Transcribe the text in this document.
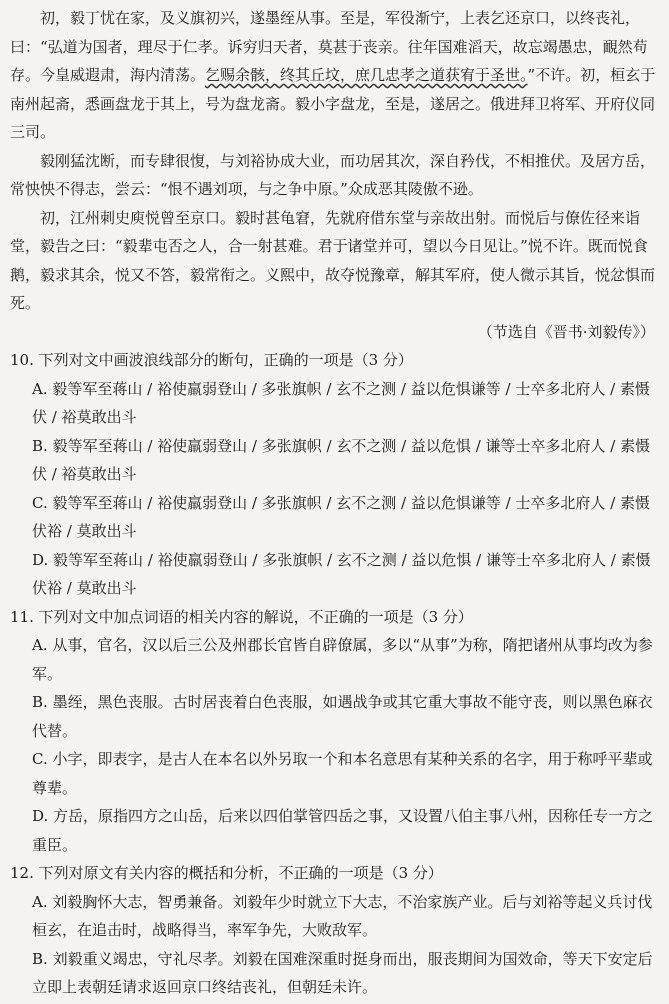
初，毅丁忧在家，及义旗初兴，遂墨绖从事。至是，军役渐宁，上表乞还京口，以终丧礼，曰：“弘道为国者，理尽于仁孝。诉穷归天者，莫甚于丧亲。往年国难滔天，故忘竭愚忠，靦然苟存。今皇威遐肃，海内清荡。乞赐余骸，终其丘坟，庶几忠孝之道获宥于圣世。”不许。初，桓玄于南州起斋，悉画盘龙于其上，号为盘龙斋。毅小字盘龙，至是，遂居之。俄进拜卫将军、开府仪同三司。

毅刚猛沈断，而专肆很愎，与刘裕协成大业，而功居其次，深自矜伐，不相推伏。及居方岳，常怏怏不得志，尝云：“恨不遇刘项，与之争中原。”众成恶其陵傲不逊。

初，江州刺史庾悦曾至京口。毅时甚龟窘，先就府借东堂与亲故出射。而悦后与僚佐径来诣堂，毅告之曰：“毅辈屯否之人，合一射甚难。君于诸堂并可，望以今日见让。”悦不许。既而悦食鹅，毅求其余，悦又不答，毅常衔之。义熙中，故夺悦豫章，解其军府，使人微示其旨，悦忿惧而死。

（节选自《晋书·刘毅传》）

10. 下列对文中画波浪线部分的断句，正确的一项是（3 分）

A. 毅等军至蒋山 / 裕使羸弱登山 / 多张旗帜 / 玄不之测 / 益以危惧谦等 / 士卒多北府人 / 素慑伏 / 裕莫敢出斗

B. 毅等军至蒋山 / 裕使羸弱登山 / 多张旗帜 / 玄不之测 / 益以危惧 / 谦等士卒多北府人 / 素慑伏 / 裕莫敢出斗

C. 毅等军至蒋山 / 裕使羸弱登山 / 多张旗帜 / 玄不之测 / 益以危惧谦等 / 士卒多北府人 / 素慑伏裕 / 莫敢出斗

D. 毅等军至蒋山 / 裕使羸弱登山 / 多张旗帜 / 玄不之测 / 益以危惧 / 谦等士卒多北府人 / 素慑伏裕 / 莫敢出斗

11. 下列对文中加点词语的相关内容的解说，不正确的一项是（3 分）

A. 从事，官名，汉以后三公及州郡长官皆自辟僚属，多以“从事”为称，隋把诸州从事均改为参军。

B. 墨绖，黑色丧服。古时居丧着白色丧服，如遇战争或其它重大事故不能守丧，则以黑色麻衣代替。

C. 小字，即表字，是古人在本名以外另取一个和本名意思有某种关系的名字，用于称呼平辈或尊辈。

D. 方岳，原指四方之山岳，后来以四伯掌管四岳之事，又设置八伯主事八州，因称任专一方之重臣。

12. 下列对原文有关内容的概括和分析，不正确的一项是（3 分）

A. 刘毅胸怀大志，智勇兼备。刘毅年少时就立下大志，不治家族产业。后与刘裕等起义兵讨伐桓玄，在追击时，战略得当，率军争先，大败敌军。

B. 刘毅重义竭忠，守礼尽孝。刘毅在国难深重时挺身而出，服丧期间为国效命，等天下安定后立即上表朝廷请求返回京口终结丧礼，但朝廷未许。
